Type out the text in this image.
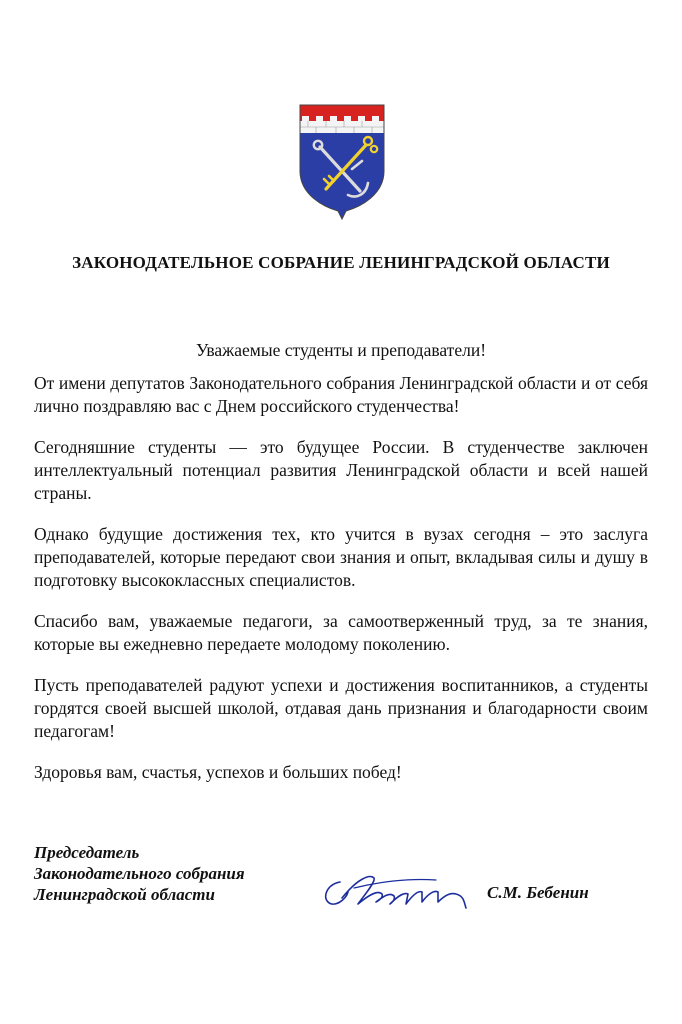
ЗАКОНОДАТЕЛЬНОЕ СОБРАНИЕ ЛЕНИНГРАДСКОЙ ОБЛАСТИ
Уважаемые студенты и преподаватели!

От имени депутатов Законодательного собрания Ленинградской области и от себя лично поздравляю вас с Днем российского студенчества!

Сегодняшние студенты — это будущее России. В студенчестве заключен интеллектуальный потенциал развития Ленинградской области и всей нашей страны.

Однако будущие достижения тех, кто учится в вузах сегодня – это заслуга преподавателей, которые передают свои знания и опыт, вкладывая силы и душу в подготовку высококлассных специалистов.

Спасибо вам, уважаемые педагоги, за самоотверженный труд, за те знания, которые вы ежедневно передаете молодому поколению.

Пусть преподавателей радуют успехи и достижения воспитанников, а студенты гордятся своей высшей школой, отдавая дань признания и благодарности своим педагогам!

Здоровья вам, счастья, успехов и больших побед!

Председатель
Законодательного собрания
Ленинградской области	С.М. Бебенин
